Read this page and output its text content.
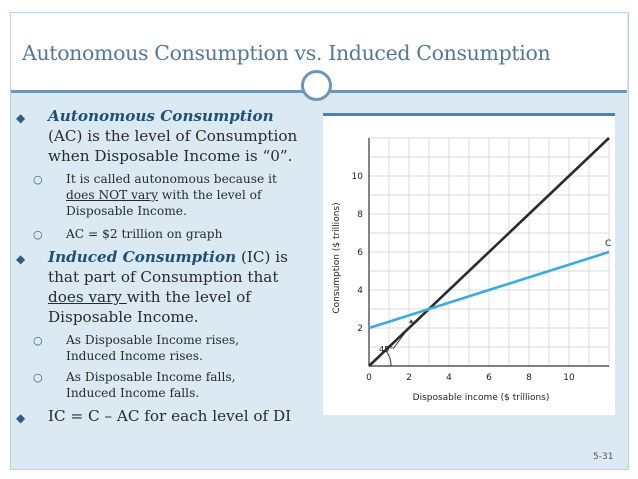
Autonomous Consumption vs. Induced Consumption
◆ Autonomous Consumption
(AC) is the level of Consumption
when Disposable Income is “0”.
○ It is called autonomous because it
does NOT vary with the level of
Disposable Income.
○ AC = $2 trillion on graph
◆ Induced Consumption (IC) is
that part of Consumption that
does vary with the level of
Disposable Income.
○ As Disposable Income rises,
Induced Income rises.
○ As Disposable Income falls,
Induced Income falls.
◆ IC = C – AC for each level of DI
0	2	4	6	8	10
2
4
6
8
10
Disposable income ($ trillions)
Consumption ($ trillions)	C
45°
5-31
